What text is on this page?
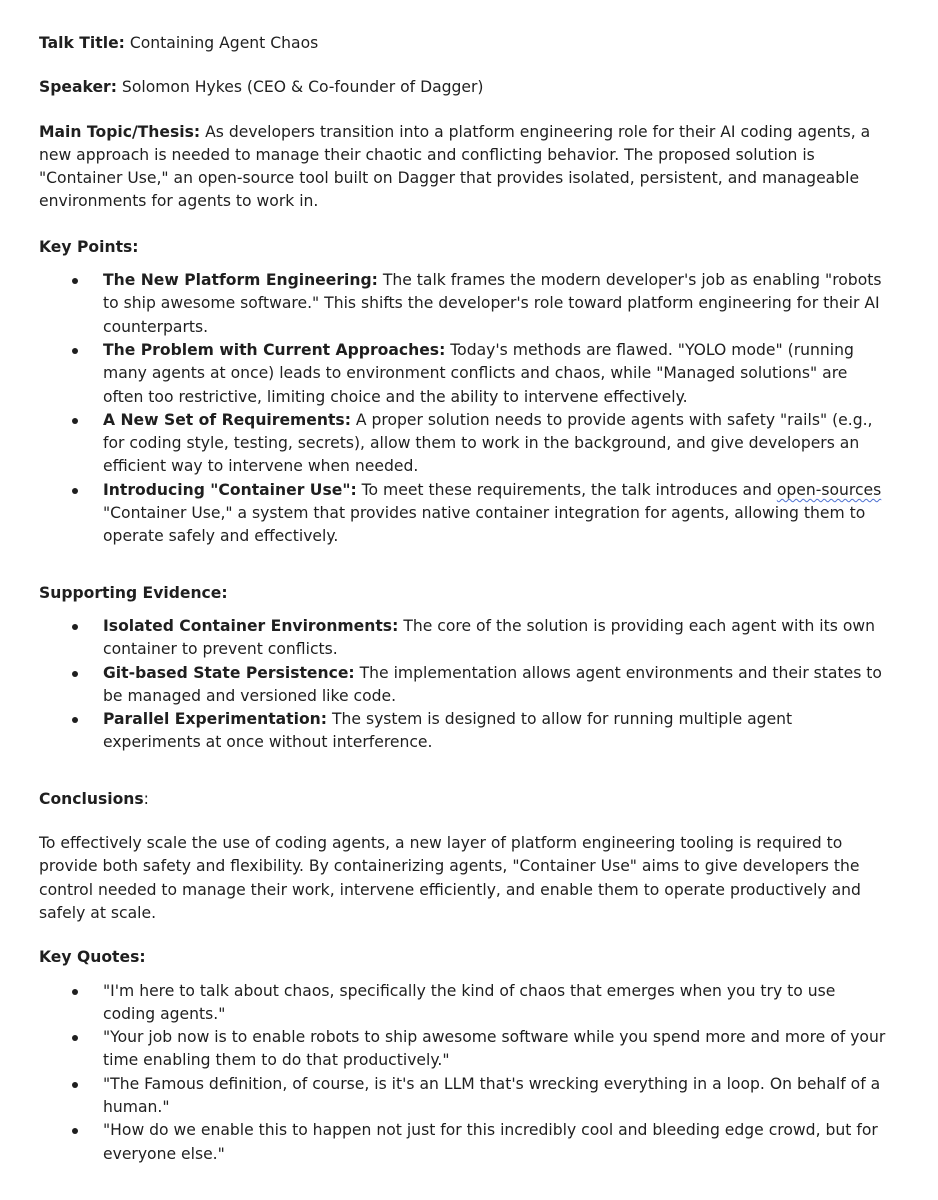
Talk Title: Containing Agent Chaos

Speaker: Solomon Hykes (CEO & Co-founder of Dagger)

Main Topic/Thesis: As developers transition into a platform engineering role for their AI coding agents, a new approach is needed to manage their chaotic and conflicting behavior. The proposed solution is "Container Use," an open-source tool built on Dagger that provides isolated, persistent, and manageable environments for agents to work in.

Key Points:

The New Platform Engineering: The talk frames the modern developer's job as enabling "robots to ship awesome software." This shifts the developer's role toward platform engineering for their AI counterparts.
The Problem with Current Approaches: Today's methods are flawed. "YOLO mode" (running many agents at once) leads to environment conflicts and chaos, while "Managed solutions" are often too restrictive, limiting choice and the ability to intervene effectively.
A New Set of Requirements: A proper solution needs to provide agents with safety "rails" (e.g., for coding style, testing, secrets), allow them to work in the background, and give developers an efficient way to intervene when needed.
Introducing "Container Use": To meet these requirements, the talk introduces and open-sources "Container Use," a system that provides native container integration for agents, allowing them to operate safely and effectively.

Supporting Evidence:

Isolated Container Environments: The core of the solution is providing each agent with its own container to prevent conflicts.
Git-based State Persistence: The implementation allows agent environments and their states to be managed and versioned like code.
Parallel Experimentation: The system is designed to allow for running multiple agent experiments at once without interference.

Conclusions:

To effectively scale the use of coding agents, a new layer of platform engineering tooling is required to provide both safety and flexibility. By containerizing agents, "Container Use" aims to give developers the control needed to manage their work, intervene efficiently, and enable them to operate productively and safely at scale.

Key Quotes:

"I'm here to talk about chaos, specifically the kind of chaos that emerges when you try to use coding agents."
"Your job now is to enable robots to ship awesome software while you spend more and more of your time enabling them to do that productively."
"The Famous definition, of course, is it's an LLM that's wrecking everything in a loop. On behalf of a human."
"How do we enable this to happen not just for this incredibly cool and bleeding edge crowd, but for everyone else."
